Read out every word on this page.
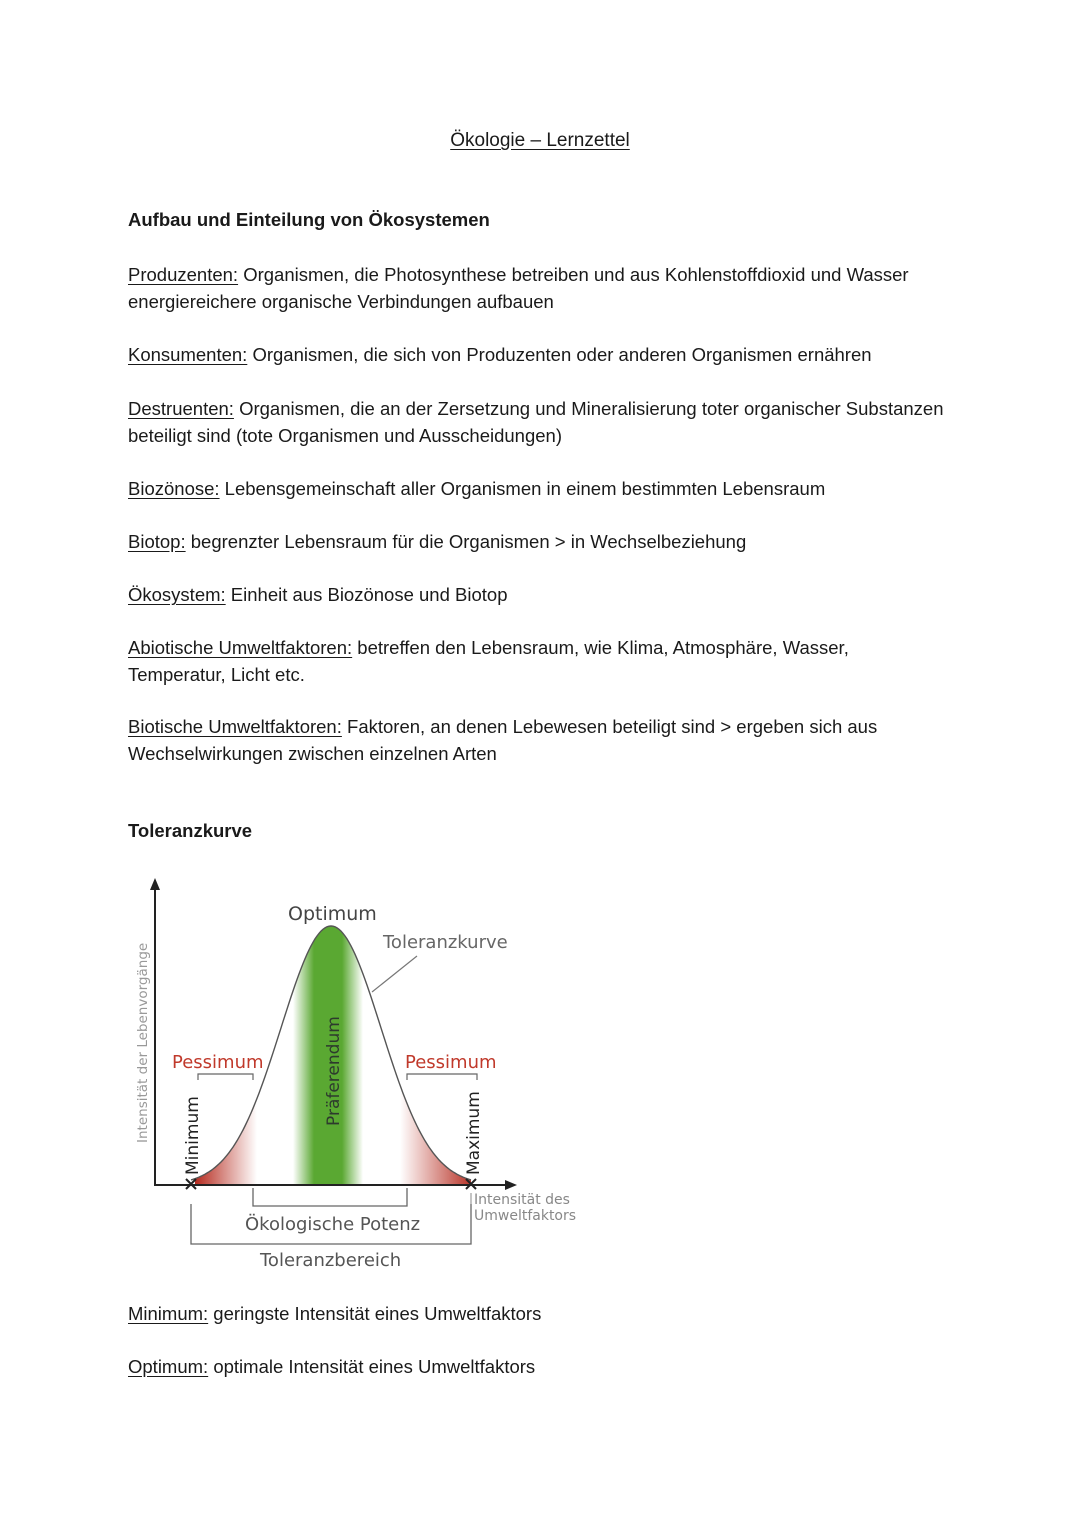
Ökologie – Lernzettel
Aufbau und Einteilung von Ökosystemen
Produzenten: Organismen, die Photosynthese betreiben und aus Kohlenstoffdioxid und Wasser energiereichere organische Verbindungen aufbauen
Konsumenten: Organismen, die sich von Produzenten oder anderen Organismen ernähren
Destruenten: Organismen, die an der Zersetzung und Mineralisierung toter organischer Substanzen beteiligt sind (tote Organismen und Ausscheidungen)
Biozönose: Lebensgemeinschaft aller Organismen in einem bestimmten Lebensraum
Biotop: begrenzter Lebensraum für die Organismen > in Wechselbeziehung
Ökosystem: Einheit aus Biozönose und Biotop
Abiotische Umweltfaktoren: betreffen den Lebensraum, wie Klima, Atmosphäre, Wasser, Temperatur, Licht etc.
Biotische Umweltfaktoren: Faktoren, an denen Lebewesen beteiligt sind > ergeben sich aus Wechselwirkungen zwischen einzelnen Arten
Toleranzkurve
Intensität der Lebenvorgänge
Optimum
Toleranzkurve
Pessimum	Pessimum
Minimum	Maximum
Präferendum
Intensität des
Umweltfaktors
Ökologische Potenz
Toleranzbereich
Minimum: geringste Intensität eines Umweltfaktors
Optimum: optimale Intensität eines Umweltfaktors
